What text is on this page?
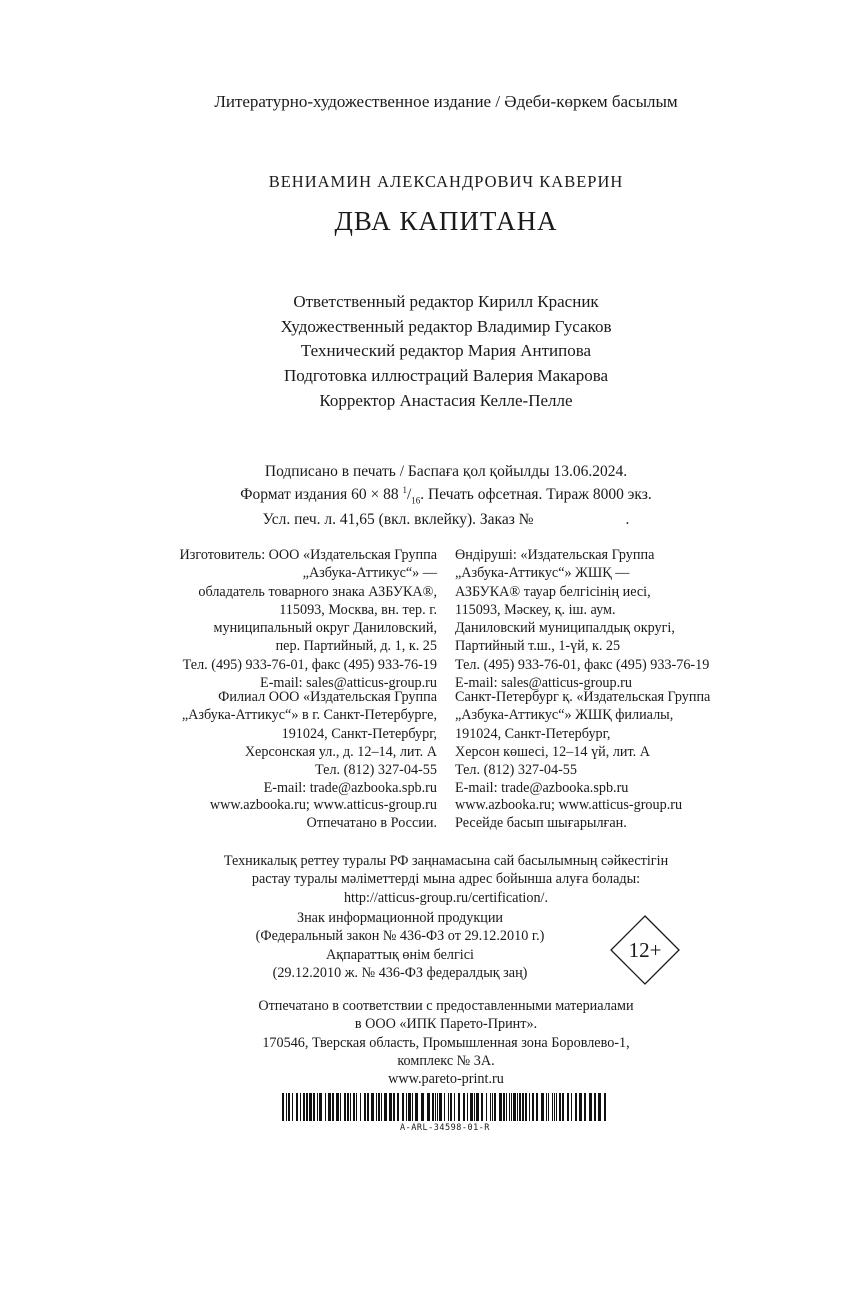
Литературно-художественное издание / Әдеби-көркем басылым
ВЕНИАМИН АЛЕКСАНДРОВИЧ КАВЕРИН
ДВА КАПИТАНА
Ответственный редактор Кирилл Красник
Художественный редактор Владимир Гусаков
Технический редактор Мария Антипова
Подготовка иллюстраций Валерия Макарова
Корректор Анастасия Келле-Пелле
Подписано в печать / Баспаға қол қойылды 13.06.2024.
Формат издания 60 × 88 $^1/_{16}$. Печать офсетная. Тираж 8000 экз.
Усл. печ. л. 41,65 (вкл. вклейку). Заказ №	.
Изготовитель: ООО «Издательская Группа
„Азбука-Аттикус“» —
обладатель товарного знака АЗБУКА®,
115093, Москва, вн. тер. г.
муниципальный округ Даниловский,
пер. Партийный, д. 1, к. 25
Тел. (495) 933-76-01, факс (495) 933-76-19
E-mail: sales@atticus-group.ru
Өндіруші: «Издательская Группа
„Азбука-Аттикус“» ЖШҚ —
АЗБУКА® тауар белгісінің иесі,
115093, Мәскеу, қ. іш. аум.
Даниловский муниципалдық округі,
Партийный т.ш., 1-үй, к. 25
Тел. (495) 933-76-01, факс (495) 933-76-19
E-mail: sales@atticus-group.ru
Филиал ООО «Издательская Группа
„Азбука-Аттикус“» в г. Санкт-Петербурге,
191024, Санкт-Петербург,
Херсонская ул., д. 12–14, лит. А
Тел. (812) 327-04-55
E-mail: trade@azbooka.spb.ru
Санкт-Петербург қ. «Издательская Группа
„Азбука-Аттикус“» ЖШҚ филиалы,
191024, Санкт-Петербург,
Херсон көшесі, 12–14 үй, лит. А
Тел. (812) 327-04-55
E-mail: trade@azbooka.spb.ru
www.azbooka.ru; www.atticus-group.ru
Отпечатано в России.
www.azbooka.ru; www.atticus-group.ru
Ресейде басып шығарылған.
Техникалық реттеу туралы РФ заңнамасына сай басылымның сәйкестігін
растау туралы мәліметтерді мына адрес бойынша алуға болады:
http://atticus-group.ru/certification/.
Знак информационной продукции
(Федеральный закон № 436-ФЗ от 29.12.2010 г.)
Ақпараттық өнім белгісі
(29.12.2010 ж. № 436-ФЗ федералдық заң)
12+
Отпечатано в соответствии с предоставленными материалами
в ООО «ИПК Парето-Принт».
170546, Тверская область, Промышленная зона Боровлево-1,
комплекс № 3А.
www.pareto-print.ru
A-ARL-34598-01-R
